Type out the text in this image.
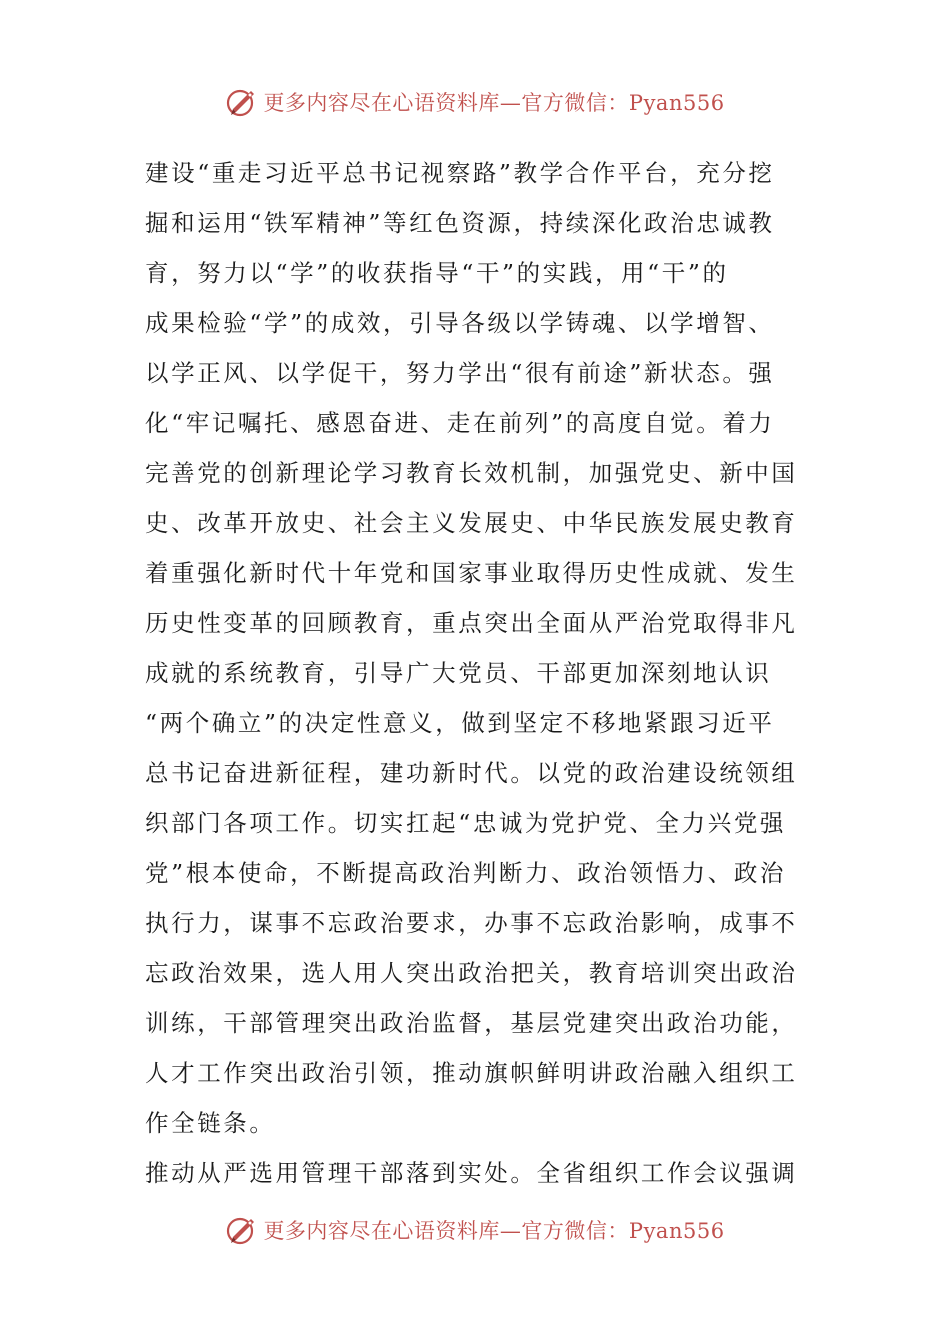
更多内容尽在心语资料库—官方微信：Pyan556
建设“重走习近平总书记视察路”教学合作平台，充分挖
掘和运用“铁军精神”等红色资源，持续深化政治忠诚教
育，努力以“学”的收获指导“干”的实践，用“干”的
成果检验“学”的成效，引导各级以学铸魂、以学增智、
以学正风、以学促干，努力学出“很有前途”新状态。强
化“牢记嘱托、感恩奋进、走在前列”的高度自觉。着力
完善党的创新理论学习教育长效机制，加强党史、新中国
史、改革开放史、社会主义发展史、中华民族发展史教育
着重强化新时代十年党和国家事业取得历史性成就、发生
历史性变革的回顾教育，重点突出全面从严治党取得非凡
成就的系统教育，引导广大党员、干部更加深刻地认识
“两个确立”的决定性意义，做到坚定不移地紧跟习近平
总书记奋进新征程，建功新时代。以党的政治建设统领组
织部门各项工作。切实扛起“忠诚为党护党、全力兴党强
党”根本使命，不断提高政治判断力、政治领悟力、政治
执行力，谋事不忘政治要求，办事不忘政治影响，成事不
忘政治效果，选人用人突出政治把关，教育培训突出政治
训练，干部管理突出政治监督，基层党建突出政治功能，
人才工作突出政治引领，推动旗帜鲜明讲政治融入组织工
作全链条。
推动从严选用管理干部落到实处。全省组织工作会议强调
更多内容尽在心语资料库—官方微信：Pyan556
